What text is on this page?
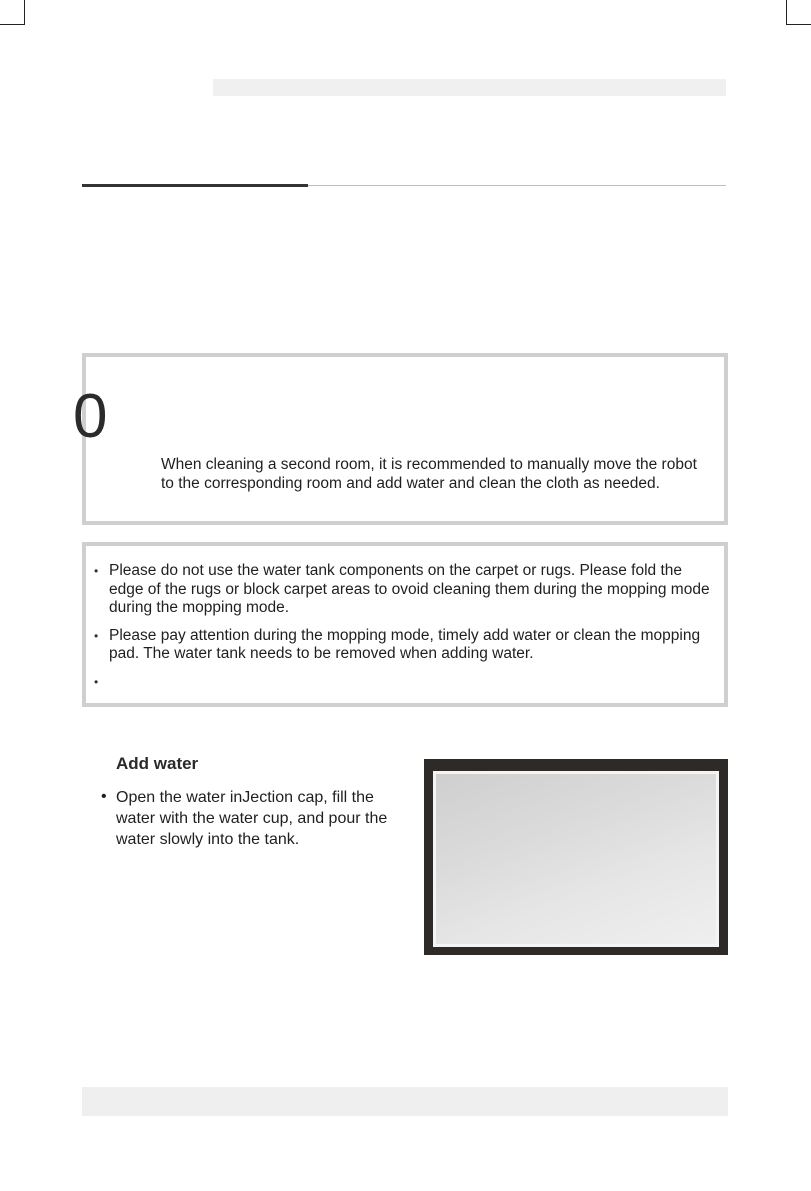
0

When cleaning a second room, it is recommended to manually move the robot to the corresponding room and add water and clean the cloth as needed.

• Please do not use the water tank components on the carpet or rugs. Please fold the edge of the rugs or block carpet areas to ovoid cleaning them during the mopping mode during the mopping mode.
• Please pay attention during the mopping mode, timely add water or clean the mopping pad. The water tank needs to be removed when adding water.
•
Add water
• Open the water inJection cap, fill the water with the water cup, and pour the water slowly into the tank.
